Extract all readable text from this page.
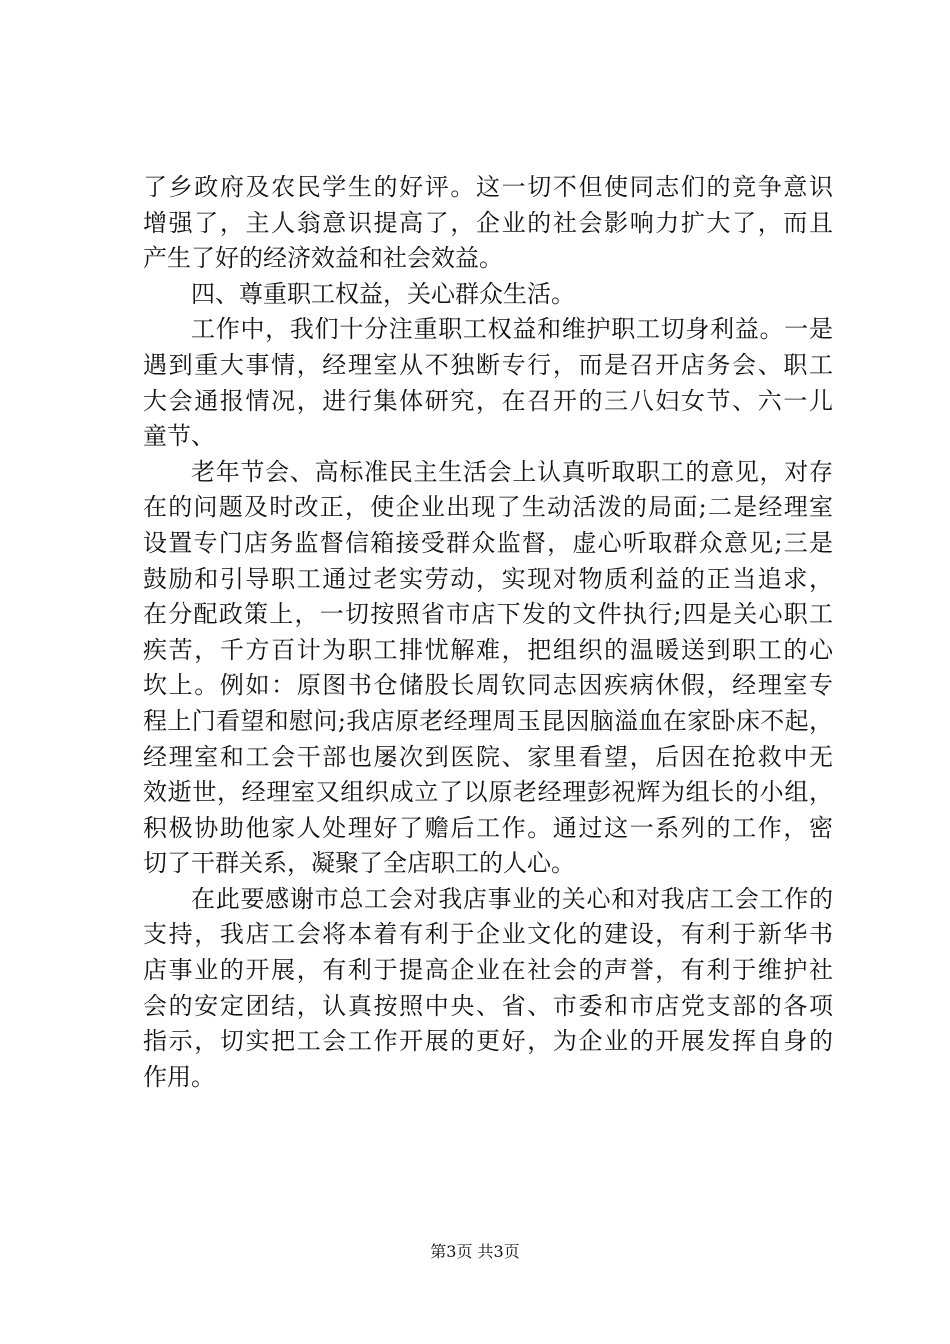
了乡政府及农民学生的好评。这一切不但使同志们的竞争意识
增强了，主人翁意识提高了，企业的社会影响力扩大了，而且
产生了好的经济效益和社会效益。
四、尊重职工权益，关心群众生活。
工作中，我们十分注重职工权益和维护职工切身利益。一是
遇到重大事情，经理室从不独断专行，而是召开店务会、职工
大会通报情况，进行集体研究，在召开的三八妇女节、六一儿
童节、
老年节会、高标准民主生活会上认真听取职工的意见，对存
在的问题及时改正，使企业出现了生动活泼的局面;二是经理室
设置专门店务监督信箱接受群众监督，虚心听取群众意见;三是
鼓励和引导职工通过老实劳动，实现对物质利益的正当追求，
在分配政策上，一切按照省市店下发的文件执行;四是关心职工
疾苦，千方百计为职工排忧解难，把组织的温暖送到职工的心
坎上。例如：原图书仓储股长周钦同志因疾病休假，经理室专
程上门看望和慰问;我店原老经理周玉昆因脑溢血在家卧床不起，
经理室和工会干部也屡次到医院、家里看望，后因在抢救中无
效逝世，经理室又组织成立了以原老经理彭祝辉为组长的小组，
积极协助他家人处理好了赡后工作。通过这一系列的工作，密
切了干群关系，凝聚了全店职工的人心。
在此要感谢市总工会对我店事业的关心和对我店工会工作的
支持，我店工会将本着有利于企业文化的建设，有利于新华书
店事业的开展，有利于提高企业在社会的声誉，有利于维护社
会的安定团结，认真按照中央、省、市委和市店党支部的各项
指示，切实把工会工作开展的更好，为企业的开展发挥自身的
作用。
第3页 共3页
